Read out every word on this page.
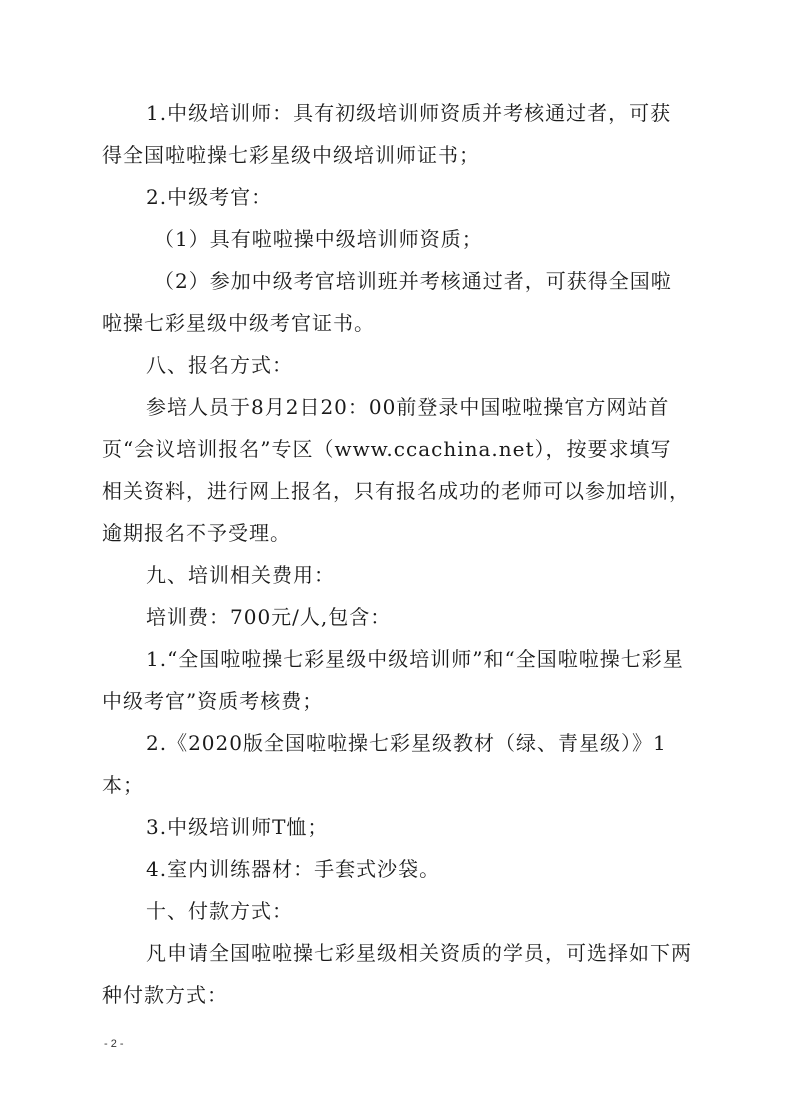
1.中级培训师：具有初级培训师资质并考核通过者，可获得全国啦啦操七彩星级中级培训师证书；

2.中级考官：

（1）具有啦啦操中级培训师资质；

（2）参加中级考官培训班并考核通过者，可获得全国啦啦操七彩星级中级考官证书。

八、报名方式：

参培人员于8月2日20：00前登录中国啦啦操官方网站首页“会议培训报名”专区（www.ccachina.net），按要求填写相关资料，进行网上报名，只有报名成功的老师可以参加培训，逾期报名不予受理。

九、培训相关费用：

培训费：700元/人,包含：

1.“全国啦啦操七彩星级中级培训师”和“全国啦啦操七彩星中级考官”资质考核费；

2.《2020版全国啦啦操七彩星级教材（绿、青星级）》1本；

3.中级培训师T恤；

4.室内训练器材：手套式沙袋。

十、付款方式：

凡申请全国啦啦操七彩星级相关资质的学员，可选择如下两种付款方式：

- 2 -
